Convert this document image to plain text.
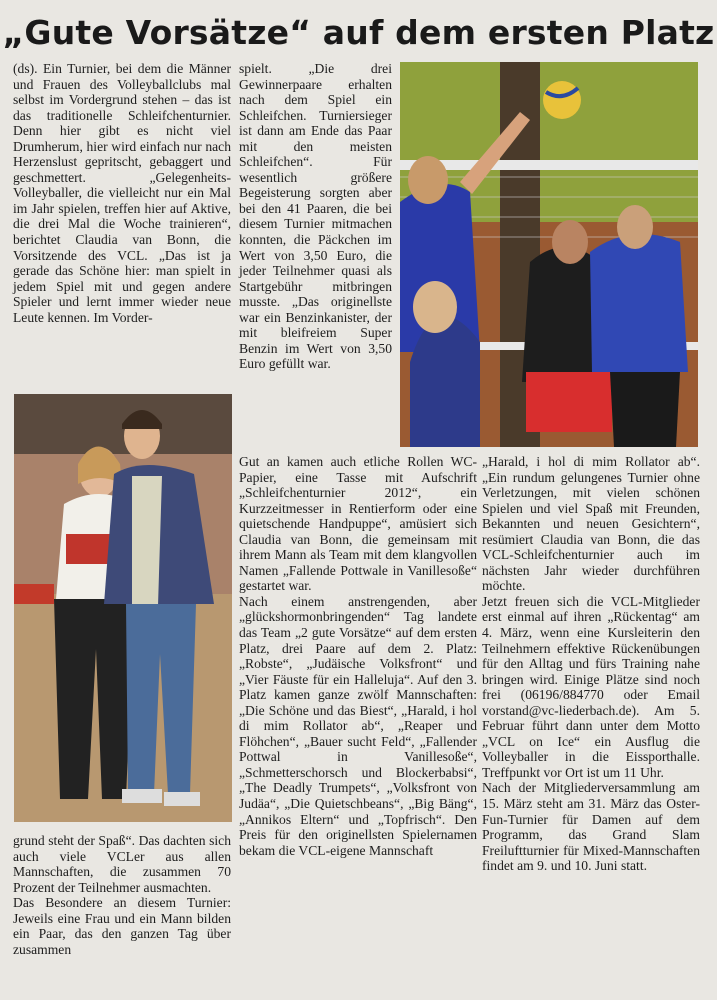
„Gute Vorsätze“ auf dem ersten Platz

(ds). Ein Turnier, bei dem die Männer und Frauen des Volleyballclubs mal selbst im Vordergrund stehen – das ist das traditionelle Schleifchenturnier. Denn hier gibt es nicht viel Drumherum, hier wird einfach nur nach Herzenslust gepritscht, gebaggert und geschmettert. „Gelegenheits-Volleyballer, die vielleicht nur ein Mal im Jahr spielen, treffen hier auf Aktive, die drei Mal die Woche trainieren“, berichtet Claudia van Bonn, die Vorsitzende des VCL. „Das ist ja gerade das Schöne hier: man spielt in jedem Spiel mit und gegen andere Spieler und lernt immer wieder neue Leute kennen. Im Vorder-

grund steht der Spaß“. Das dachten sich auch viele VCLer aus allen Mannschaften, die zusammen 70 Prozent der Teilnehmer ausmachten.

Das Besondere an diesem Turnier: Jeweils eine Frau und ein Mann bilden ein Paar, das den ganzen Tag über zusammen

spielt. „Die drei Gewinnerpaare erhalten nach dem Spiel ein Schleifchen. Turniersieger ist dann am Ende das Paar mit den meisten Schleifchen“. Für wesentlich größere Begeisterung sorgten aber bei den 41 Paaren, die bei diesem Turnier mitmachen konnten, die Päckchen im Wert von 3,50 Euro, die jeder Teilnehmer quasi als Startgebühr mitbringen musste. „Das originellste war ein Benzinkanister, der mit bleifreiem Super Benzin im Wert von 3,50 Euro gefüllt war.

Gut an kamen auch etliche Rollen WC-Papier, eine Tasse mit Aufschrift „Schleifchenturnier 2012“, ein Kurzzeitmesser in Rentierform oder eine quietschende Handpuppe“, amüsiert sich Claudia van Bonn, die gemeinsam mit ihrem Mann als Team mit dem klangvollen Namen „Fallende Pottwale in Vanillesoße“ gestartet war.

Nach einem anstrengenden, aber „glückshormonbringenden“ Tag landete das Team „2 gute Vorsätze“ auf dem ersten Platz, drei Paare auf dem 2. Platz: „Robste“, „Judäische Volksfront“ und „Vier Fäuste für ein Halleluja“. Auf den 3. Platz kamen ganze zwölf Mannschaften: „Die Schöne und das Biest“, „Harald, i hol di mim Rollator ab“, „Reaper und Flöhchen“, „Bauer sucht Feld“, „Fallender Pottwal in Vanillesoße“, „Schmetterschorsch und Blockerbabsi“, „The Deadly Trumpets“, „Volksfront von Judäa“, „Die Quietschbeans“, „Big Bäng“, „Annikos Eltern“ und „Topfrisch“. Den Preis für den originellsten Spielernamen bekam die VCL-eigene Mannschaft

„Harald, i hol di mim Rollator ab“. „Ein rundum gelungenes Turnier ohne Verletzungen, mit vielen schönen Spielen und viel Spaß mit Freunden, Bekannten und neuen Gesichtern“, resümiert Claudia van Bonn, die das VCL-Schleifchenturnier auch im nächsten Jahr wieder durchführen möchte.

Jetzt freuen sich die VCL-Mitglieder erst einmal auf ihren „Rückentag“ am 4. März, wenn eine Kursleiterin den Teilnehmern effektive Rückenübungen für den Alltag und fürs Training nahe bringen wird. Einige Plätze sind noch frei (06196/884770 oder Email vorstand@vc-liederbach.de). Am 5. Februar führt dann unter dem Motto „VCL on Ice“ ein Ausflug die Volleyballer in die Eissporthalle. Treffpunkt vor Ort ist um 11 Uhr.

Nach der Mitgliederversammlung am 15. März steht am 31. März das Oster-Fun-Turnier für Damen auf dem Programm, das Grand Slam Freiluftturnier für Mixed-Mannschaften findet am 9. und 10. Juni statt.
